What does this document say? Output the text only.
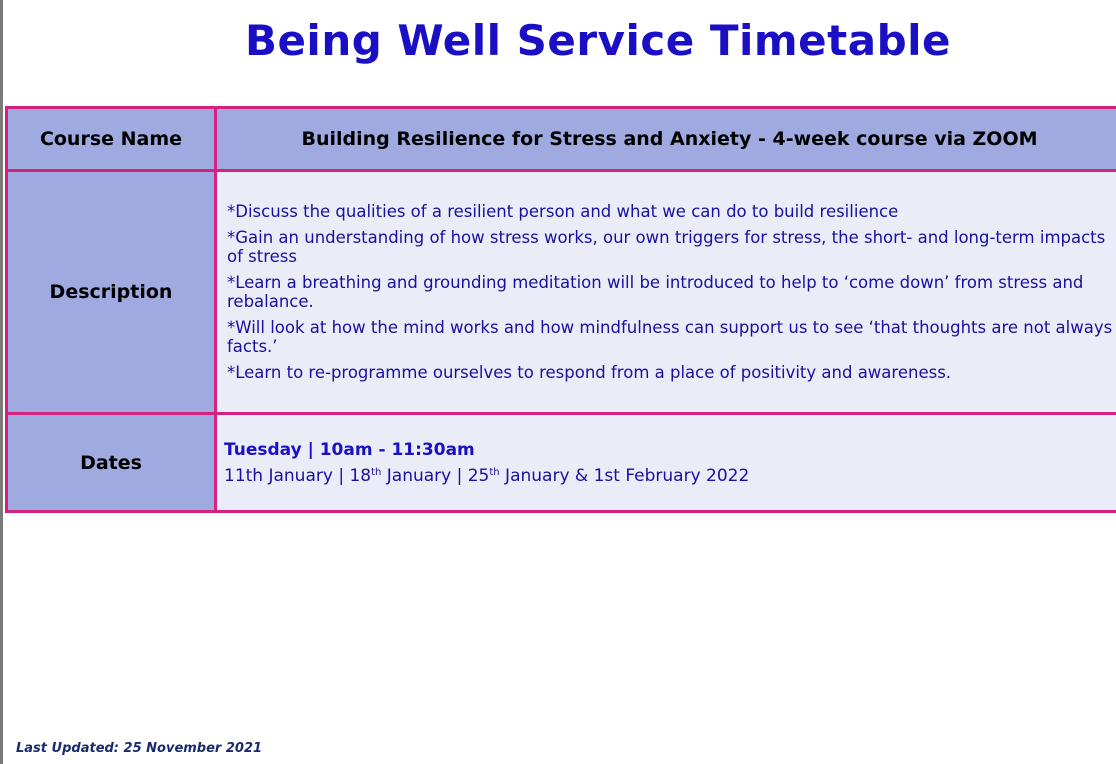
Being Well Service Timetable
Course Name	Building Resilience for Stress and Anxiety - 4-week course via ZOOM
Description	*Discuss the qualities of a resilient person and what we can do to build resilience
*Gain an understanding of how stress works, our own triggers for stress, the short- and long-term impacts of stress
*Learn a breathing and grounding meditation will be introduced to help to ‘come down’ from stress and rebalance.
*Will look at how the mind works and how mindfulness can support us to see ‘that thoughts are not always facts.’
*Learn to re-programme ourselves to respond from a place of positivity and awareness.

Dates	Tuesday | 10am - 11:30am
11th January | 18th January | 25th January & 1st February 2022
Last Updated: 25 November 2021
